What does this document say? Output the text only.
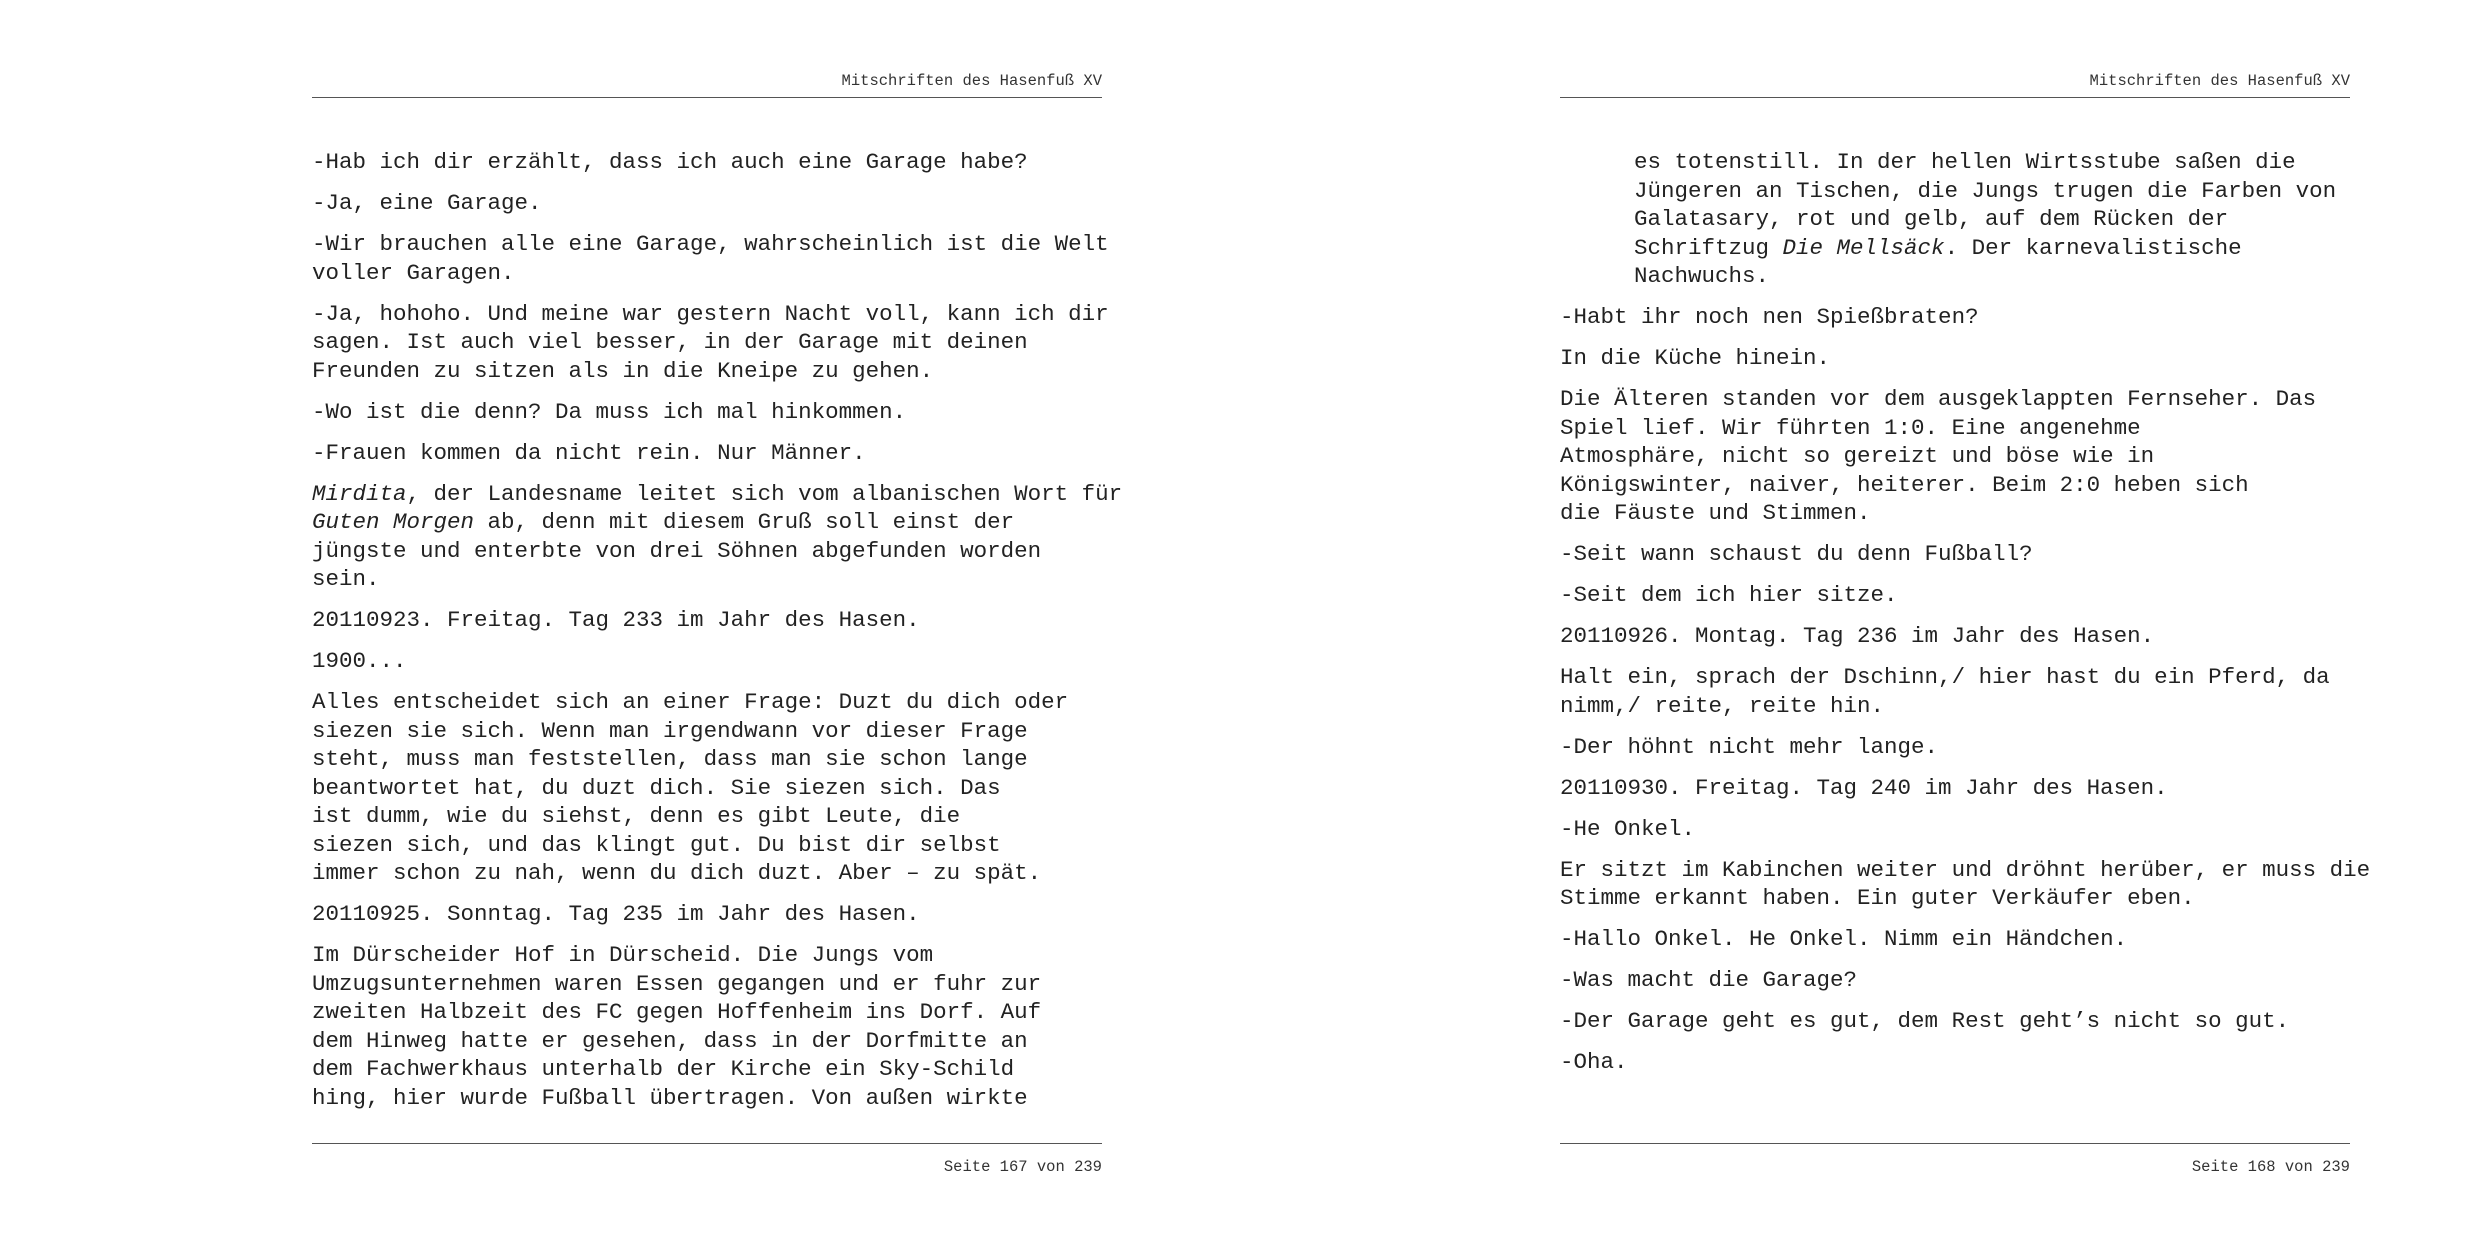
Mitschriften des Hasenfuß XV

-Hab ich dir erzählt, dass ich auch eine Garage habe?

-Ja, eine Garage.

-Wir brauchen alle eine Garage, wahrscheinlich ist die Welt
voller Garagen.

-Ja, hohoho. Und meine war gestern Nacht voll, kann ich dir
sagen. Ist auch viel besser, in der Garage mit deinen
Freunden zu sitzen als in die Kneipe zu gehen.

-Wo ist die denn? Da muss ich mal hinkommen.

-Frauen kommen da nicht rein. Nur Männer.

Mirdita, der Landesname leitet sich vom albanischen Wort für
Guten Morgen ab, denn mit diesem Gruß soll einst der
jüngste und enterbte von drei Söhnen abgefunden worden
sein.

20110923. Freitag. Tag 233 im Jahr des Hasen.

1900...

Alles entscheidet sich an einer Frage: Duzt du dich oder
siezen sie sich. Wenn man irgendwann vor dieser Frage
steht, muss man feststellen, dass man sie schon lange
beantwortet hat, du duzt dich. Sie siezen sich. Das
ist dumm, wie du siehst, denn es gibt Leute, die
siezen sich, und das klingt gut. Du bist dir selbst
immer schon zu nah, wenn du dich duzt. Aber – zu spät.

20110925. Sonntag. Tag 235 im Jahr des Hasen.

Im Dürscheider Hof in Dürscheid. Die Jungs vom
Umzugsunternehmen waren Essen gegangen und er fuhr zur
zweiten Halbzeit des FC gegen Hoffenheim ins Dorf. Auf
dem Hinweg hatte er gesehen, dass in der Dorfmitte an
dem Fachwerkhaus unterhalb der Kirche ein Sky-Schild
hing, hier wurde Fußball übertragen. Von außen wirkte

Seite 167 von 239
Mitschriften des Hasenfuß XV

es totenstill. In der hellen Wirtsstube saßen die
Jüngeren an Tischen, die Jungs trugen die Farben von
Galatasary, rot und gelb, auf dem Rücken der
Schriftzug Die Mellsäck. Der karnevalistische
Nachwuchs.

-Habt ihr noch nen Spießbraten?

In die Küche hinein.

Die Älteren standen vor dem ausgeklappten Fernseher. Das
Spiel lief. Wir führten 1:0. Eine angenehme
Atmosphäre, nicht so gereizt und böse wie in
Königswinter, naiver, heiterer. Beim 2:0 heben sich
die Fäuste und Stimmen.

-Seit wann schaust du denn Fußball?

-Seit dem ich hier sitze.

20110926. Montag. Tag 236 im Jahr des Hasen.

Halt ein, sprach der Dschinn,/ hier hast du ein Pferd, da
nimm,/ reite, reite hin.

-Der höhnt nicht mehr lange.

20110930. Freitag. Tag 240 im Jahr des Hasen.

-He Onkel.

Er sitzt im Kabinchen weiter und dröhnt herüber, er muss die
Stimme erkannt haben. Ein guter Verkäufer eben.

-Hallo Onkel. He Onkel. Nimm ein Händchen.

-Was macht die Garage?

-Der Garage geht es gut, dem Rest geht’s nicht so gut.

-Oha.

Seite 168 von 239
